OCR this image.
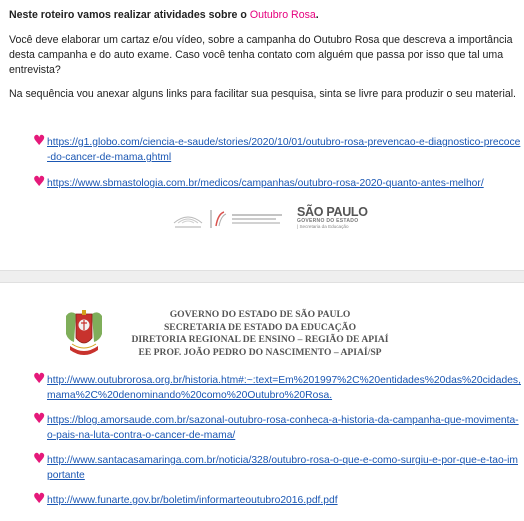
Neste roteiro vamos realizar atividades sobre o Outubro Rosa.

Você deve elaborar um cartaz e/ou vídeo, sobre a campanha do Outubro Rosa que descreva a importância desta campanha e do auto exame. Caso você tenha contato com alguém que passa por isso que tal uma entrevista?

Na sequência vou anexar alguns links para facilitar sua pesquisa, sinta se livre para produzir o seu material.

♥ https://g1.globo.com/ciencia-e-saude/stories/2020/10/01/outubro-rosa-prevencao-e-diagnostico-precoce-do-cancer-de-mama.ghtml
♥ https://www.sbmastologia.com.br/medicos/campanhas/outubro-rosa-2020-quanto-antes-melhor/
SÃO PAULO
GOVERNO DO ESTADO
| Secretaria da Educação
GOVERNO DO ESTADO DE SÃO PAULO
SECRETARIA DE ESTADO DA EDUCAÇÃO
DIRETORIA REGIONAL DE ENSINO – REGIÃO DE APIAÍ
EE PROF. JOÃO PEDRO DO NASCIMENTO – APIAÍ/SP
♥ http://www.outubrorosa.org.br/historia.htm#:~:text=Em%201997%2C%20entidades%20das%20cidades,mama%2C%20denominando%20como%20Outubro%20Rosa.
♥ https://blog.amorsaude.com.br/sazonal-outubro-rosa-conheca-a-historia-da-campanha-que-movimenta-o-pais-na-luta-contra-o-cancer-de-mama/
♥ http://www.santacasamaringa.com.br/noticia/328/outubro-rosa-o-que-e-como-surgiu-e-por-que-e-tao-importante
♥ http://www.funarte.gov.br/boletim/informarteoutubro2016.pdf.pdf
